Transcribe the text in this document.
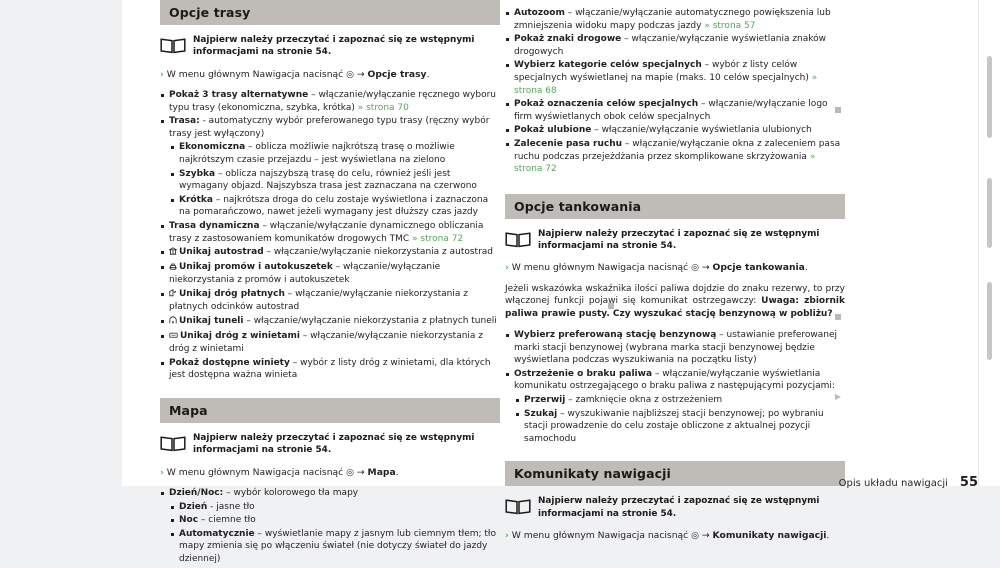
Opcje trasy
Najpierw należy przeczytać i zapoznać się ze wstępnymi informacjami na stronie 54.
› W menu głównym Nawigacja nacisnąć ◎ → Opcje trasy.
Pokaż 3 trasy alternatywne – włączanie/wyłączanie ręcznego wyboru typu trasy (ekonomiczna, szybka, krótka) » strona 70
Trasa: - automatyczny wybór preferowanego typu trasy (ręczny wybór trasy jest wyłączony)
Ekonomiczna – oblicza możliwie najkrótszą trasę o możliwie najkrótszym czasie przejazdu – jest wyświetlana na zielono
Szybka – oblicza najszybszą trasę do celu, również jeśli jest wymagany objazd. Najszybsza trasa jest zaznaczana na czerwono
Krótka – najkrótsza droga do celu zostaje wyświetlona i zaznaczona na pomarańczowo, nawet jeżeli wymagany jest dłuższy czas jazdy
Trasa dynamiczna – włączanie/wyłączanie dynamicznego obliczania trasy z zastosowaniem komunikatów drogowych TMC » strona 72
Unikaj autostrad – włączanie/wyłączanie niekorzystania z autostrad
Unikaj promów i autokuszetek – włączanie/wyłączanie niekorzystania z promów i autokuszetek
Unikaj dróg płatnych – włączanie/wyłączanie niekorzystania z płatnych odcinków autostrad
Unikaj tuneli – włączanie/wyłączanie niekorzystania z płatnych tuneli
Unikaj dróg z winietami – włączanie/wyłączanie niekorzystania z dróg z winietami
Pokaż dostępne winiety – wybór z listy dróg z winietami, dla których jest dostępna ważna winieta
Mapa
Najpierw należy przeczytać i zapoznać się ze wstępnymi informacjami na stronie 54.
› W menu głównym Nawigacja nacisnąć ◎ → Mapa.
Dzień/Noc: – wybór kolorowego tła mapy
Dzień - jasne tło
Noc – ciemne tło
Automatycznie – wyświetlanie mapy z jasnym lub ciemnym tłem; tło mapy zmienia się po włączeniu świateł (nie dotyczy świateł do jazdy dziennej)
Autozoom – włączanie/wyłączanie automatycznego powiększenia lub zmniejszenia widoku mapy podczas jazdy » strona 57
Pokaż znaki drogowe – włączanie/wyłączanie wyświetlania znaków drogowych
Wybierz kategorie celów specjalnych – wybór z listy celów specjalnych wyświetlanej na mapie (maks. 10 celów specjalnych) » strona 68
Pokaż oznaczenia celów specjalnych – włączanie/wyłączanie logo firm wyświetlanych obok celów specjalnych
Pokaż ulubione – włączanie/wyłączanie wyświetlania ulubionych
Zalecenie pasa ruchu – włączanie/wyłączanie okna z zaleceniem pasa ruchu podczas przejeżdżania przez skomplikowane skrzyżowania » strona 72
Opcje tankowania
Najpierw należy przeczytać i zapoznać się ze wstępnymi informacjami na stronie 54.
› W menu głównym Nawigacja nacisnąć ◎ → Opcje tankowania.
Jeżeli wskazówka wskaźnika ilości paliwa dojdzie do znaku rezerwy, to przy włączonej funkcji pojawi się komunikat ostrzegawczy: Uwaga: zbiornik paliwa prawie pusty. Czy wyszukać stację benzynową w pobliżu?
Wybierz preferowaną stację benzynową – ustawianie preferowanej marki stacji benzynowej (wybrana marka stacji benzynowej będzie wyświetlana podczas wyszukiwania na początku listy)
Ostrzeżenie o braku paliwa – włączanie/wyłączanie wyświetlania komunikatu ostrzegającego o braku paliwa z następującymi pozycjami:
Przerwij – zamknięcie okna z ostrzeżeniem
Szukaj – wyszukiwanie najbliższej stacji benzynowej; po wybraniu stacji prowadzenie do celu zostaje obliczone z aktualnej pozycji samochodu
Komunikaty nawigacji
Najpierw należy przeczytać i zapoznać się ze wstępnymi informacjami na stronie 54.
› W menu głównym Nawigacja nacisnąć ◎ → Komunikaty nawigacji.
Opis układu nawigacji 55
